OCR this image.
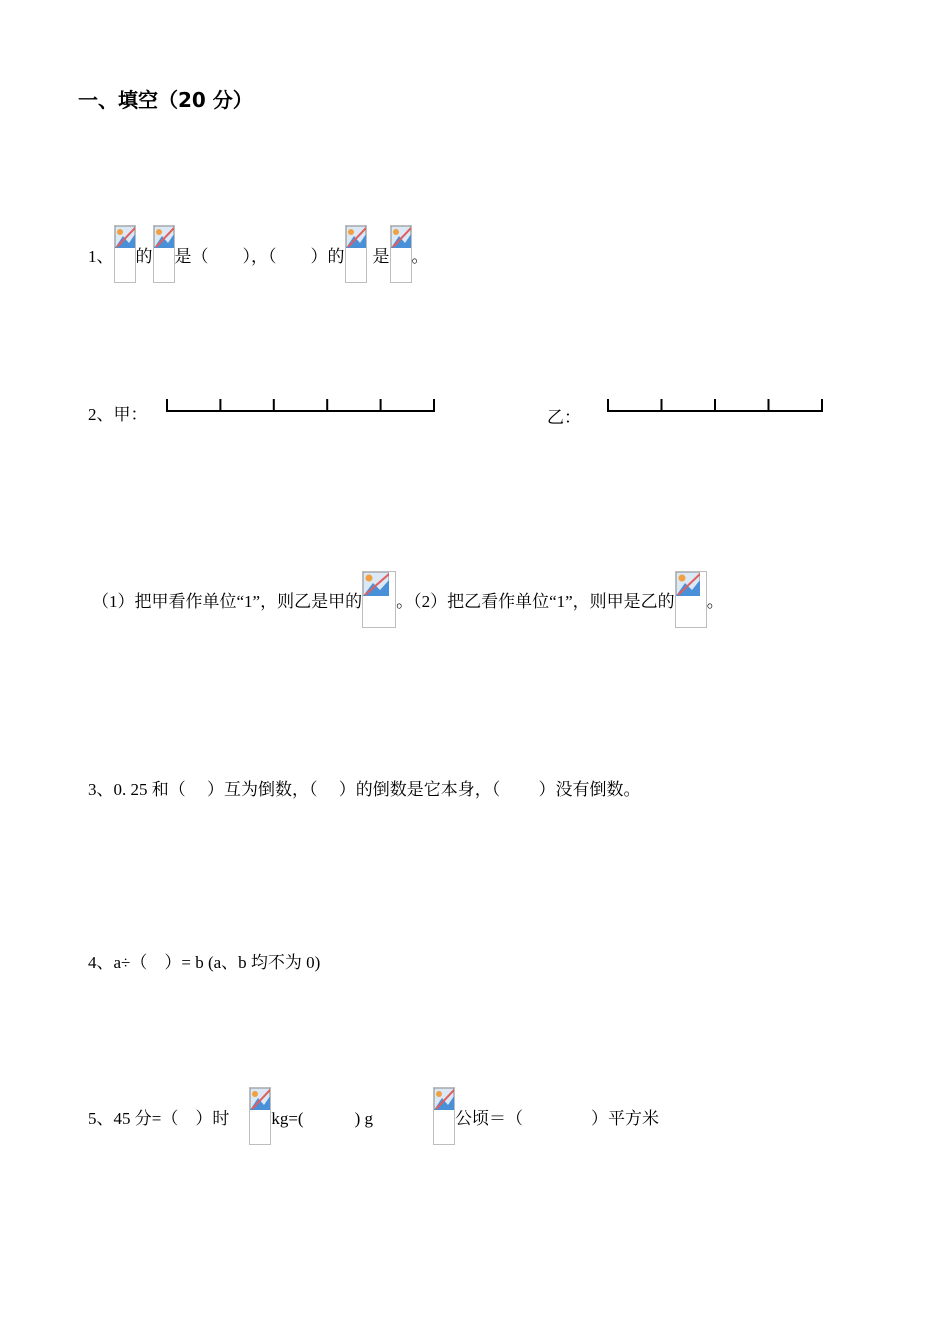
一、填空（20 分）
1、 的 是（　　），（　　）的 是 。
2、甲：	乙：
（1）把甲看作单位“1”，则乙是甲的 。（2）把乙看作单位“1”，则甲是乙的 。
3、0. 25 和（　 ）互为倒数，（　 ）的倒数是它本身，（　　 ）没有倒数。
4、a÷（　）= b (a、b 均不为 0)
5、45 分=（　）时 kg=(　　　) g	公顷＝（　　　　）平方米
